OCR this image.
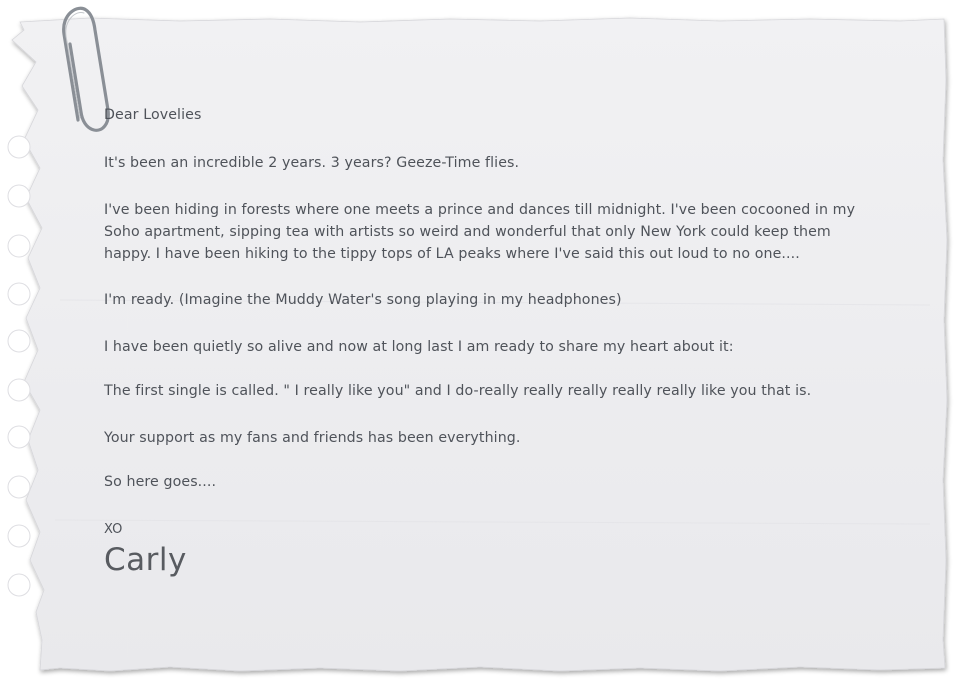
Dear Lovelies

It's been an incredible 2 years. 3 years? Geeze-Time flies.

I've been hiding in forests where one meets a prince and dances till midnight. I've been cocooned in my

Soho apartment, sipping tea with artists so weird and wonderful that only New York could keep them

happy. I have been hiking to the tippy tops of LA peaks where I've said this out loud to no one....

I'm ready. (Imagine the Muddy Water's song playing in my headphones)

I have been quietly so alive and now at long last I am ready to share my heart about it:

The first single is called. " I really like you" and I do-really really really really really like you that is.

Your support as my fans and friends has been everything.

So here goes....

XO

Carly
